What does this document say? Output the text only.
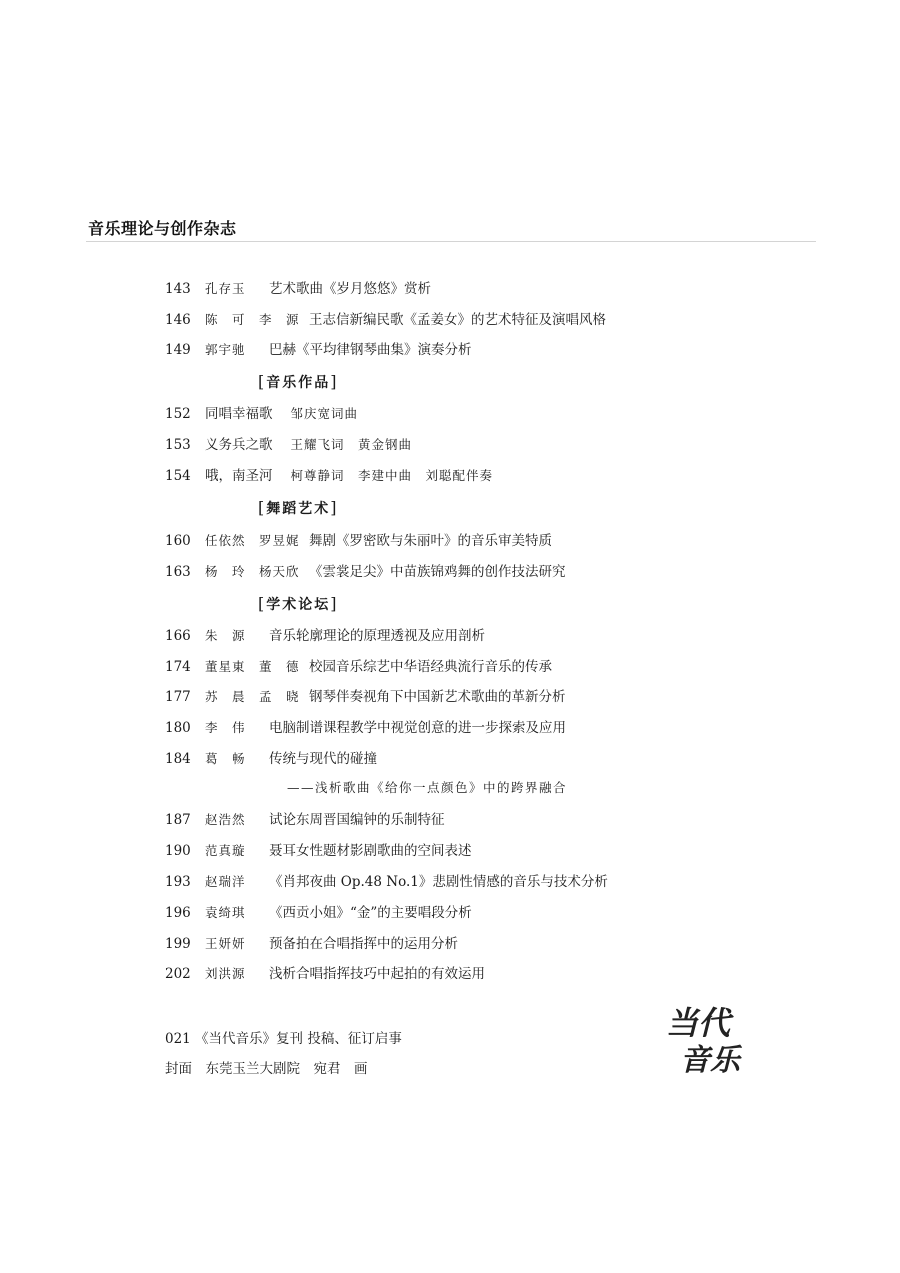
音乐理论与创作杂志
143 孔存玉 艺术歌曲《岁月悠悠》赏析
146 陈　可　李　源 王志信新编民歌《孟姜女》的艺术特征及演唱风格
149 郭宇驰 巴赫《平均律钢琴曲集》演奏分析
[音乐作品]
152 同唱幸福歌 邹庆宽词曲
153 义务兵之歌 王耀飞词　黄金钢曲
154 哦，南圣河 柯尊静词　李建中曲　刘聪配伴奏
[舞蹈艺术]
160 任依然　罗昱娓 舞剧《罗密欧与朱丽叶》的音乐审美特质
163 杨　玲　杨天欣 《雲裳足尖》中苗族锦鸡舞的创作技法研究
[学术论坛]
166 朱　源 音乐轮廓理论的原理透视及应用剖析
174 董星東　董　德 校园音乐综艺中华语经典流行音乐的传承
177 苏　晨　孟　晓 钢琴伴奏视角下中国新艺术歌曲的革新分析
180 李　伟 电脑制谱课程教学中视觉创意的进一步探索及应用
184 葛　畅 传统与现代的碰撞
——浅析歌曲《给你一点颜色》中的跨界融合
187 赵浩然 试论东周晋国编钟的乐制特征
190 范真璇 聂耳女性题材影剧歌曲的空间表述
193 赵瑞洋 《肖邦夜曲 Op.48 No.1》悲剧性情感的音乐与技术分析
196 袁绮琪 《西贡小姐》“金”的主要唱段分析
199 王妍妍 预备拍在合唱指挥中的运用分析
202 刘洪源 浅析合唱指挥技巧中起拍的有效运用
021 《当代音乐》复刊 投稿、征订启事
封面　东莞玉兰大剧院　宛君　画
当代
音乐
